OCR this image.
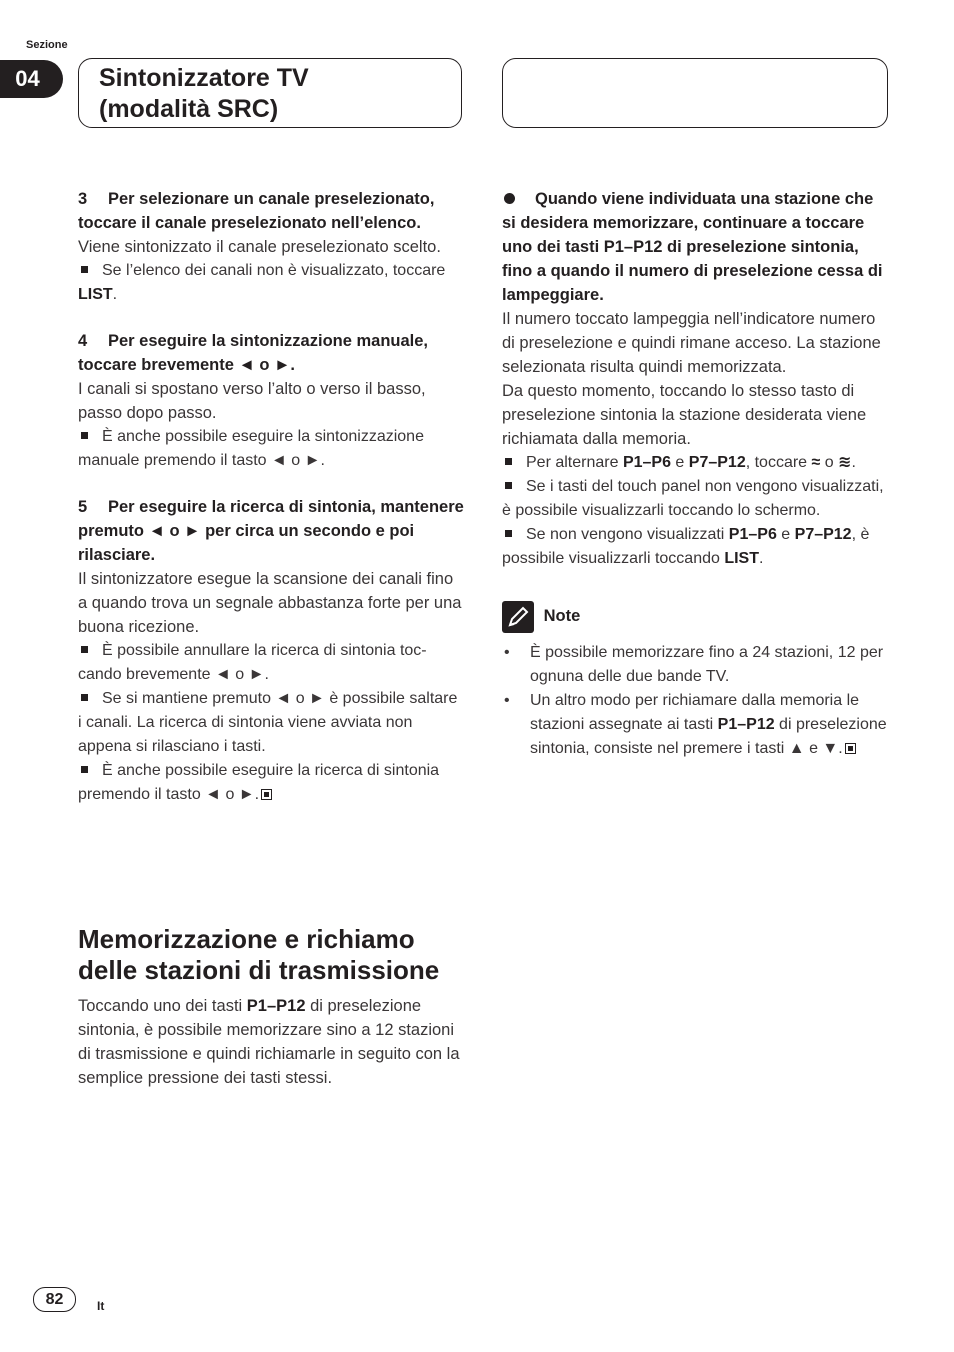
Sezione
04	Sintonizzatore TV
(modalità SRC)

3 Per selezionare un canale preselezionato, toccare il canale preselezionato nell’elenco.

Viene sintonizzato il canale preselezionato scelto.

Se l’elenco dei canali non è visualizzato, toccare LIST.

4 Per eseguire la sintonizzazione manuale, toccare brevemente ◄ o ►.

I canali si spostano verso l’alto o verso il basso, passo dopo passo.

È anche possibile eseguire la sintonizzazione manuale premendo il tasto ◄ o ►.

5 Per eseguire la ricerca di sintonia, mantenere premuto ◄ o ► per circa un secondo e poi rilasciare.

Il sintonizzatore esegue la scansione dei canali fino a quando trova un segnale abbastanza forte per una buona ricezione.

È possibile annullare la ricerca di sintonia toccando brevemente ◄ o ►.

Se si mantiene premuto ◄ o ► è possibile saltare i canali. La ricerca di sintonia viene avviata non appena si rilasciano i tasti.

È anche possibile eseguire la ricerca di sintonia premendo il tasto ◄ o ►.

Memorizzazione e richiamo delle stazioni di trasmissione

Toccando uno dei tasti P1–P12 di preselezione sintonia, è possibile memorizzare sino a 12 stazioni di trasmissione e quindi richiamarle in seguito con la semplice pressione dei tasti stessi.

Quando viene individuata una stazione che si desidera memorizzare, continuare a toccare uno dei tasti P1–P12 di preselezione sintonia, fino a quando il numero di preselezione cessa di lampeggiare.

Il numero toccato lampeggia nell’indicatore numero di preselezione e quindi rimane acceso. La stazione selezionata risulta quindi memorizzata.

Da questo momento, toccando lo stesso tasto di preselezione sintonia la stazione desiderata viene richiamata dalla memoria.

Per alternare P1–P6 e P7–P12, toccare ≈ o ≋.

Se i tasti del touch panel non vengono visualizzati, è possibile visualizzarli toccando lo schermo.

Se non vengono visualizzati P1–P6 e P7–P12, è possibile visualizzarli toccando LIST.

Note

•	È possibile memorizzare fino a 24 stazioni, 12 per ognuna delle due bande TV.
•	Un altro modo per richiamare dalla memoria le stazioni assegnate ai tasti P1–P12 di preselezione sintonia, consiste nel premere i tasti ▲ e ▼.
82	It
